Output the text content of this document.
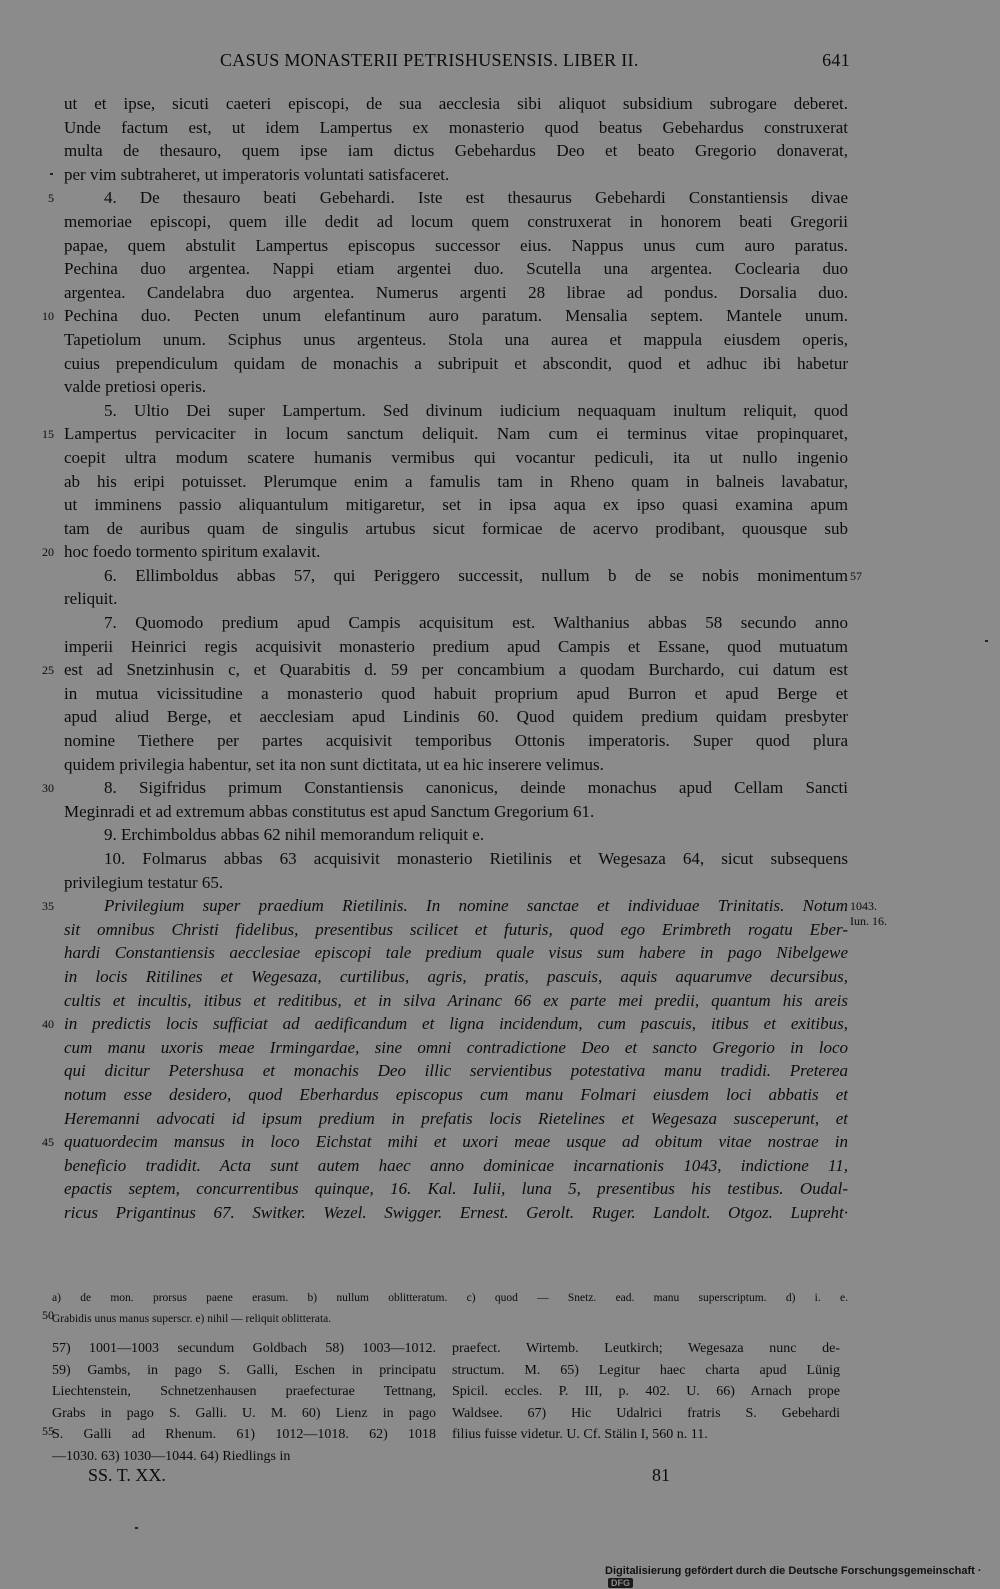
CASUS MONASTERII PETRISHUSENSIS. LIBER II.	641
ut et ipse, sicuti caeteri episcopi, de sua aecclesia sibi aliquot subsidium subrogare deberet.
Unde factum est, ut idem Lampertus ex monasterio quod beatus Gebehardus construxerat
multa de thesauro, quem ipse iam dictus Gebehardus Deo et beato Gregorio donaverat,
per vim subtraheret, ut imperatoris voluntati satisfaceret.
4. De thesauro beati Gebehardi. Iste est thesaurus Gebehardi Constantiensis divae
memoriae episcopi, quem ille dedit ad locum quem construxerat in honorem beati Gregorii
papae, quem abstulit Lampertus episcopus successor eius. Nappus unus cum auro paratus.
Pechina duo argentea. Nappi etiam argentei duo. Scutella una argentea. Coclearia duo
argentea. Candelabra duo argentea. Numerus argenti 28 librae ad pondus. Dorsalia duo.
Pechina duo. Pecten unum elefantinum auro paratum. Mensalia septem. Mantele unum.
Tapetiolum unum. Sciphus unus argenteus. Stola una aurea et mappula eiusdem operis,
cuius prependiculum quidam de monachis a subripuit et abscondit, quod et adhuc ibi habetur
valde pretiosi operis.
5. Ultio Dei super Lampertum. Sed divinum iudicium nequaquam inultum reliquit, quod
Lampertus pervicaciter in locum sanctum deliquit. Nam cum ei terminus vitae propinquaret,
coepit ultra modum scatere humanis vermibus qui vocantur pediculi, ita ut nullo ingenio
ab his eripi potuisset. Plerumque enim a famulis tam in Rheno quam in balneis lavabatur,
ut imminens passio aliquantulum mitigaretur, set in ipsa aqua ex ipso quasi examina apum
tam de auribus quam de singulis artubus sicut formicae de acervo prodibant, quousque sub
hoc foedo tormento spiritum exalavit.
6. Ellimboldus abbas 57, qui Periggero successit, nullum b de se nobis monimentum
reliquit.
7. Quomodo predium apud Campis acquisitum est. Walthanius abbas 58 secundo anno
imperii Heinrici regis acquisivit monasterio predium apud Campis et Essane, quod mutuatum
est ad Snetzinhusin c, et Quarabitis d. 59 per concambium a quodam Burchardo, cui datum est
in mutua vicissitudine a monasterio quod habuit proprium apud Burron et apud Berge et
apud aliud Berge, et aecclesiam apud Lindinis 60. Quod quidem predium quidam presbyter
nomine Tiethere per partes acquisivit temporibus Ottonis imperatoris. Super quod plura
quidem privilegia habentur, set ita non sunt dictitata, ut ea hic inserere velimus.
8. Sigifridus primum Constantiensis canonicus, deinde monachus apud Cellam Sancti
Meginradi et ad extremum abbas constitutus est apud Sanctum Gregorium 61.
9. Erchimboldus abbas 62 nihil memorandum reliquit e.
10. Folmarus abbas 63 acquisivit monasterio Rietilinis et Wegesaza 64, sicut subsequens
privilegium testatur 65.
Privilegium super praedium Rietilinis. In nomine sanctae et individuae Trinitatis. Notum
sit omnibus Christi fidelibus, presentibus scilicet et futuris, quod ego Erimbreth rogatu Eber-
hardi Constantiensis aecclesiae episcopi tale predium quale visus sum habere in pago Nibelgewe
in locis Ritilines et Wegesaza, curtilibus, agris, pratis, pascuis, aquis aquarumve decursibus,
cultis et incultis, itibus et reditibus, et in silva Arinanc 66 ex parte mei predii, quantum his areis
in predictis locis sufficiat ad aedificandum et ligna incidendum, cum pascuis, itibus et exitibus,
cum manu uxoris meae Irmingardae, sine omni contradictione Deo et sancto Gregorio in loco
qui dicitur Petershusa et monachis Deo illic servientibus potestativa manu tradidi. Preterea
notum esse desidero, quod Eberhardus episcopus cum manu Folmari eiusdem loci abbatis et
Heremanni advocati id ipsum predium in prefatis locis Rietelines et Wegesaza susceperunt, et
quatuordecim mansus in loco Eichstat mihi et uxori meae usque ad obitum vitae nostrae in
beneficio tradidit. Acta sunt autem haec anno dominicae incarnationis 1043, indictione 11,
epactis septem, concurrentibus quinque, 16. Kal. Iulii, luna 5, presentibus his testibus. Oudal-
ricus Prigantinus 67. Switker. Wezel. Swigger. Ernest. Gerolt. Ruger. Landolt. Otgoz. Lupreht·
5
10
15
20
25
30
35
40
45
57
1043.
Iun. 16.
a) de mon. prorsus paene erasum. b) nullum oblitteratum. c) quod — Snetz. ead. manu superscriptum. d) i. e.
Grabidis unus manus superscr. e) nihil — reliquit oblitterata.
50
57) 1001—1003 secundum Goldbach 58) 1003—1012.
59) Gambs, in pago S. Galli, Eschen in principatu
Liechtenstein, Schnetzenhausen praefecturae Tettnang,
Grabs in pago S. Galli. U. M. 60) Lienz in pago
S. Galli ad Rhenum. 61) 1012—1018. 62) 1018
—1030. 63) 1030—1044. 64) Riedlings in
praefect. Wirtemb. Leutkirch; Wegesaza nunc de-
structum. M. 65) Legitur haec charta apud Lünig
Spicil. eccles. P. III, p. 402. U. 66) Arnach prope
Waldsee. 67) Hic Udalrici fratris S. Gebehardi
filius fuisse videtur. U. Cf. Stälin I, 560 n. 11.
55
SS. T. XX.	81
Digitalisierung gefördert durch die Deutsche Forschungsgemeinschaft ·DFG
